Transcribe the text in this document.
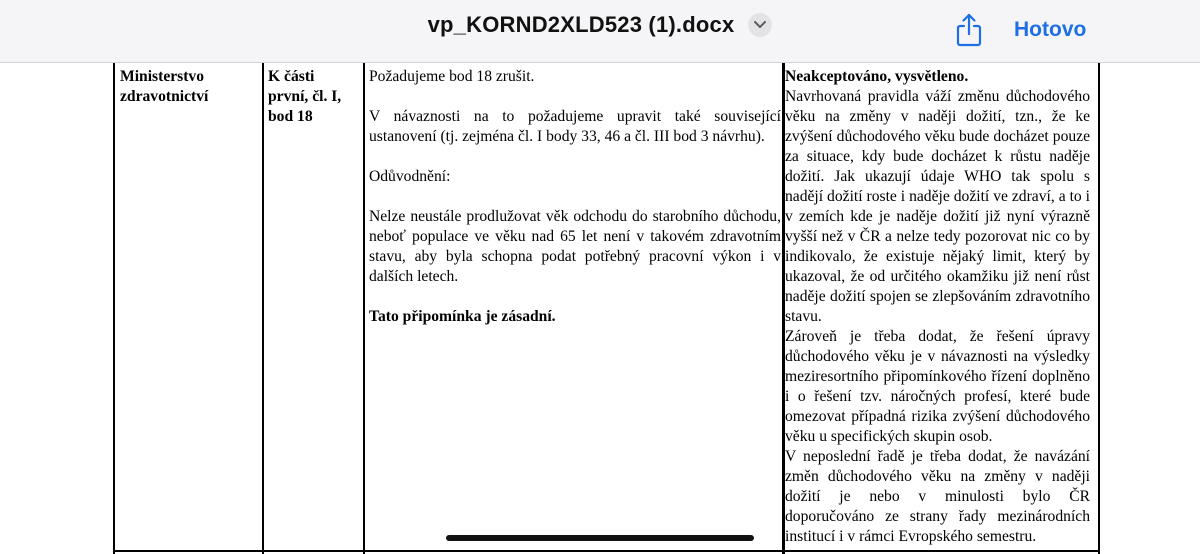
vp_KORND2XLD523 (1).docx	Hotovo
Ministerstvo zdravotnictví
K části první, čl. I, bod 18

Požadujeme bod 18 zrušit.

V návaznosti na to požadujeme upravit také související ustanovení (tj. zejména čl. I body 33, 46 a čl. III bod 3 návrhu).

Odůvodnění:

Nelze neustále prodlužovat věk odchodu do starobního důchodu, neboť populace ve věku nad 65 let není v takovém zdravotním stavu, aby byla schopna podat potřebný pracovní výkon i v dalších letech.

Tato připomínka je zásadní.

Neakceptováno, vysvětleno.

Navrhovaná pravidla váží změnu důchodového věku na změny v naději dožití, tzn., že ke zvýšení důchodového věku bude docházet pouze za situace, kdy bude docházet k růstu naděje dožití. Jak ukazují údaje WHO tak spolu s nadějí dožití roste i naděje dožití ve zdraví, a to i v zemích kde je naděje dožití již nyní výrazně vyšší než v ČR a nelze tedy pozorovat nic co by indikovalo, že existuje nějaký limit, který by ukazoval, že od určitého okamžiku již není růst naděje dožití spojen se zlepšováním zdravotního stavu.

Zároveň je třeba dodat, že řešení úpravy důchodového věku je v návaznosti na výsledky meziresortního připomínkového řízení doplněno i o řešení tzv. náročných profesí, které bude omezovat případná rizika zvýšení důchodového věku u specifických skupin osob.

V neposlední řadě je třeba dodat, že navázání změn důchodového věku na změny v naději dožití je nebo v minulosti bylo ČR doporučováno ze strany řady mezinárodních institucí i v rámci Evropského semestru.
